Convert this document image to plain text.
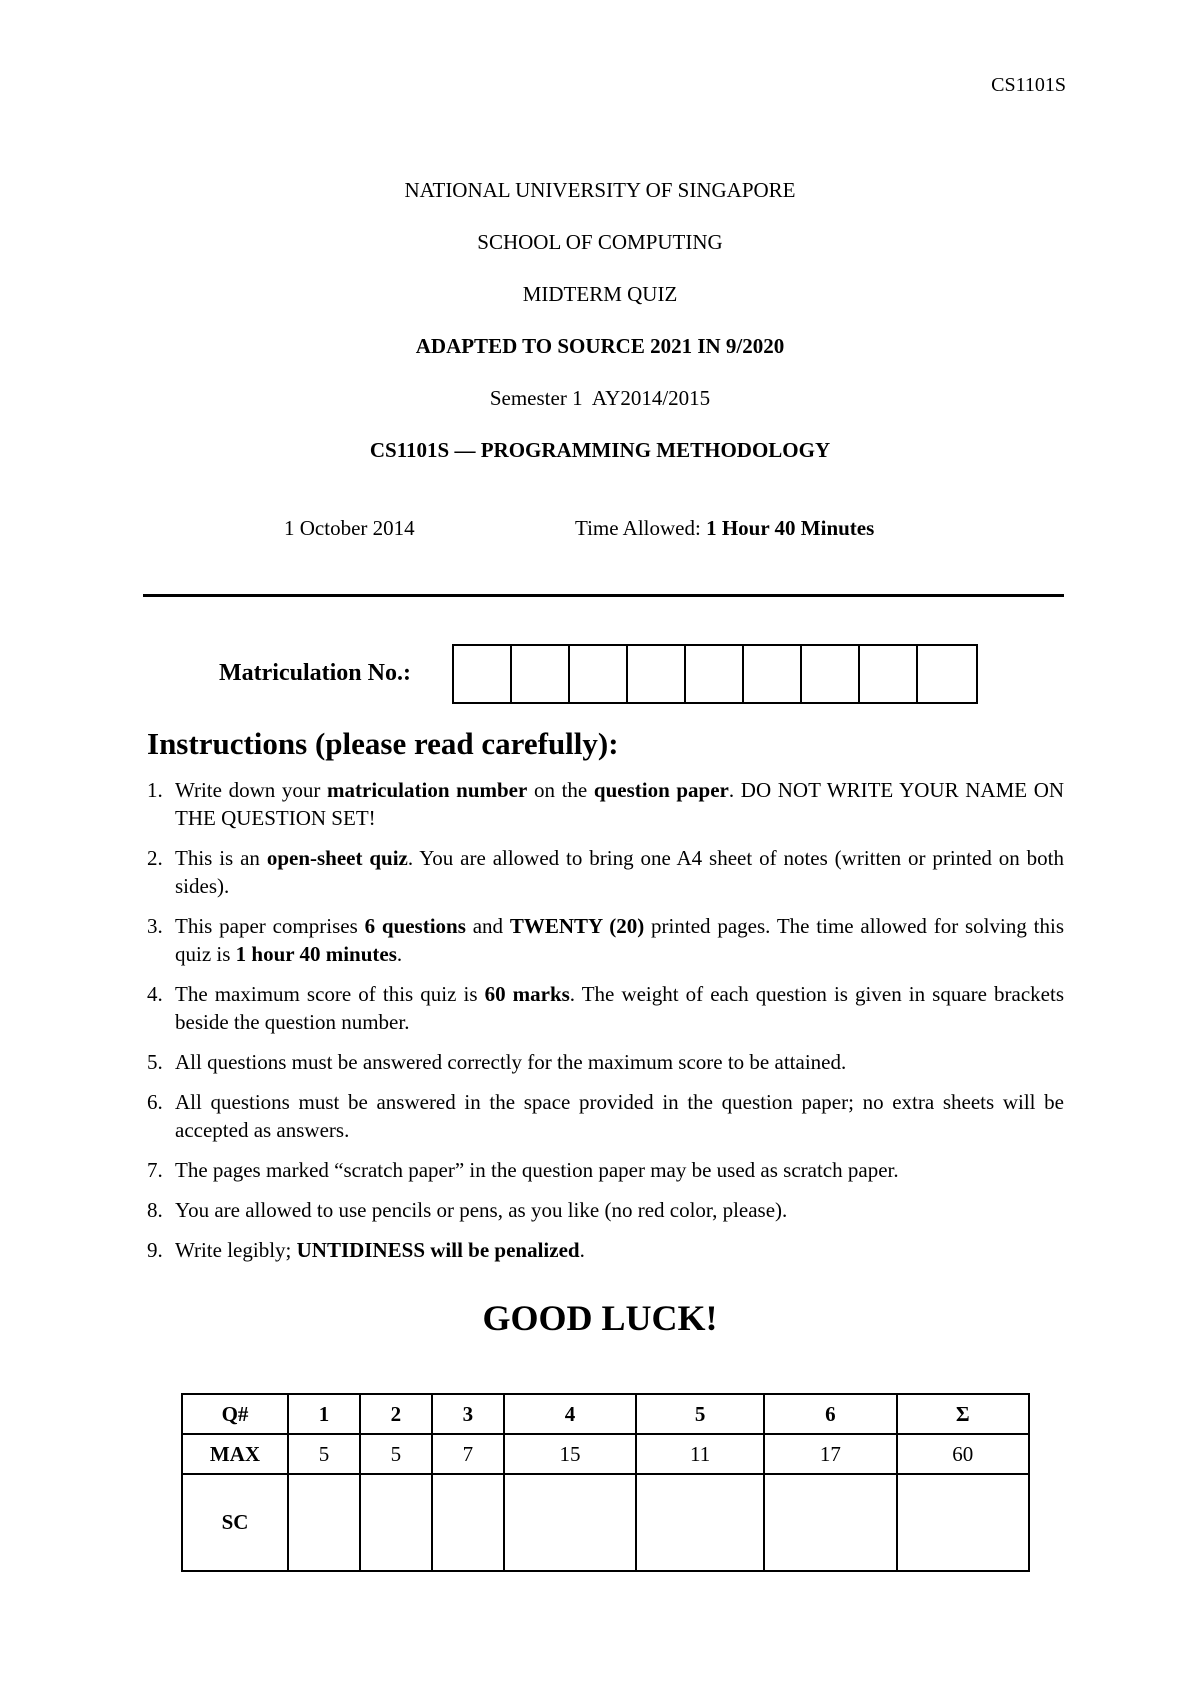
CS1101S
NATIONAL UNIVERSITY OF SINGAPORE
SCHOOL OF COMPUTING
MIDTERM QUIZ
ADAPTED TO SOURCE 2021 IN 9/2020
Semester 1  AY2014/2015
CS1101S — PROGRAMMING METHODOLOGY
1 October 2014	Time Allowed: 1 Hour 40 Minutes
Matriculation No.:
Instructions (please read carefully):
1. Write down your matriculation number on the question paper. DO NOT WRITE YOUR NAME ON THE QUESTION SET!
2. This is an open-sheet quiz. You are allowed to bring one A4 sheet of notes (written or printed on both sides).
3. This paper comprises 6 questions and TWENTY (20) printed pages. The time allowed for solving this quiz is 1 hour 40 minutes.
4. The maximum score of this quiz is 60 marks. The weight of each question is given in square brackets beside the question number.
5. All questions must be answered correctly for the maximum score to be attained.
6. All questions must be answered in the space provided in the question paper; no extra sheets will be accepted as answers.
7. The pages marked “scratch paper” in the question paper may be used as scratch paper.
8. You are allowed to use pencils or pens, as you like (no red color, please).
9. Write legibly; UNTIDINESS will be penalized.
GOOD LUCK!
Q#	1	2	3	4	5	6	Σ
MAX	5	5	7	15	11	17	60
SC							
